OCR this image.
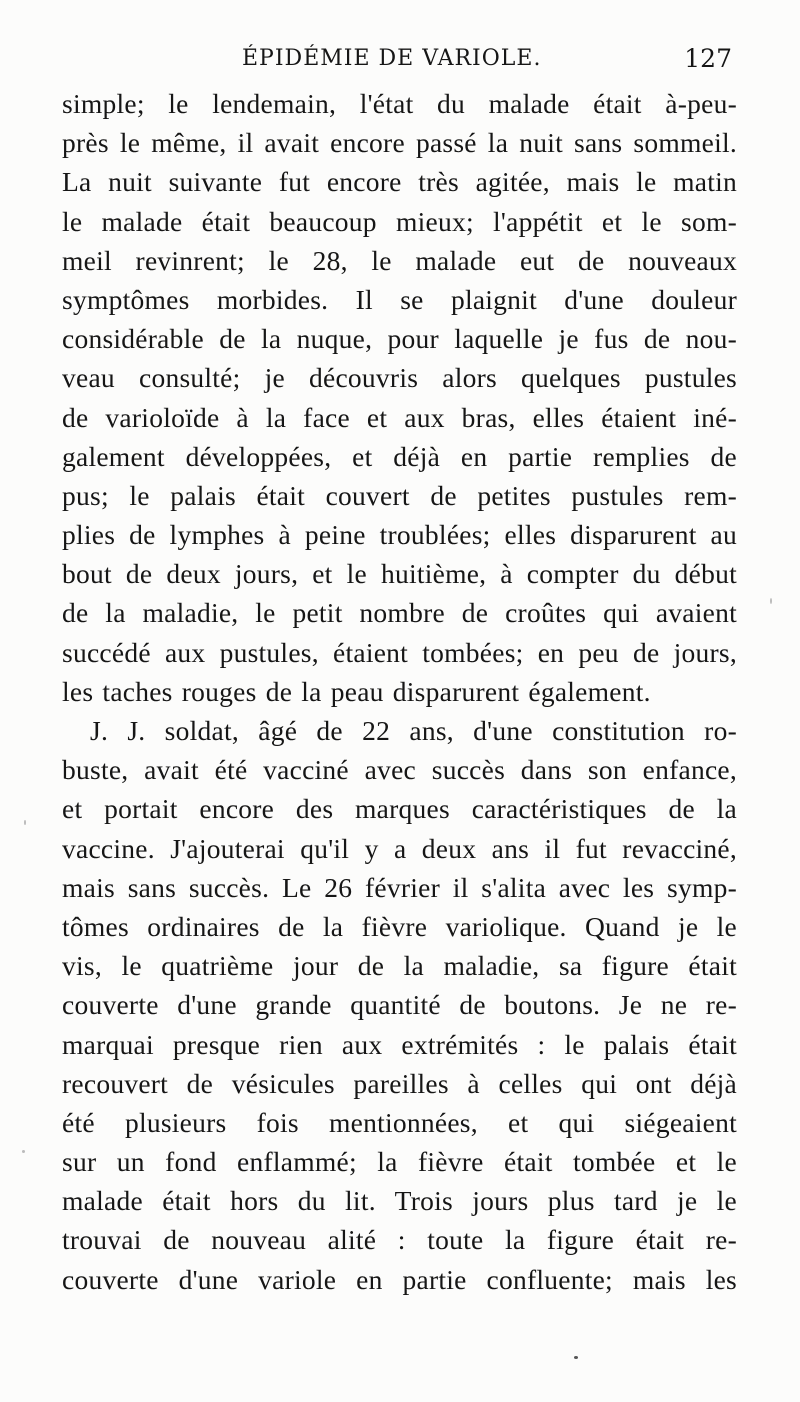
ÉPIDÉMIE DE VARIOLE.	127
simple; le lendemain, l'état du malade était à-peu-
près le même, il avait encore passé la nuit sans sommeil.
La nuit suivante fut encore très agitée, mais le matin
le malade était beaucoup mieux; l'appétit et le som-
meil revinrent; le 28, le malade eut de nouveaux
symptômes morbides. Il se plaignit d'une douleur
considérable de la nuque, pour laquelle je fus de nou-
veau consulté; je découvris alors quelques pustules
de varioloïde à la face et aux bras, elles étaient iné-
galement développées, et déjà en partie remplies de
pus; le palais était couvert de petites pustules rem-
plies de lymphes à peine troublées; elles disparurent au
bout de deux jours, et le huitième, à compter du début
de la maladie, le petit nombre de croûtes qui avaient
succédé aux pustules, étaient tombées; en peu de jours,
les taches rouges de la peau disparurent également.
J. J. soldat, âgé de 22 ans, d'une constitution ro-
buste, avait été vacciné avec succès dans son enfance,
et portait encore des marques caractéristiques de la
vaccine. J'ajouterai qu'il y a deux ans il fut revacciné,
mais sans succès. Le 26 février il s'alita avec les symp-
tômes ordinaires de la fièvre variolique. Quand je le
vis, le quatrième jour de la maladie, sa figure était
couverte d'une grande quantité de boutons. Je ne re-
marquai presque rien aux extrémités : le palais était
recouvert de vésicules pareilles à celles qui ont déjà
été plusieurs fois mentionnées, et qui siégeaient
sur un fond enflammé; la fièvre était tombée et le
malade était hors du lit. Trois jours plus tard je le
trouvai de nouveau alité : toute la figure était re-
couverte d'une variole en partie confluente; mais les
